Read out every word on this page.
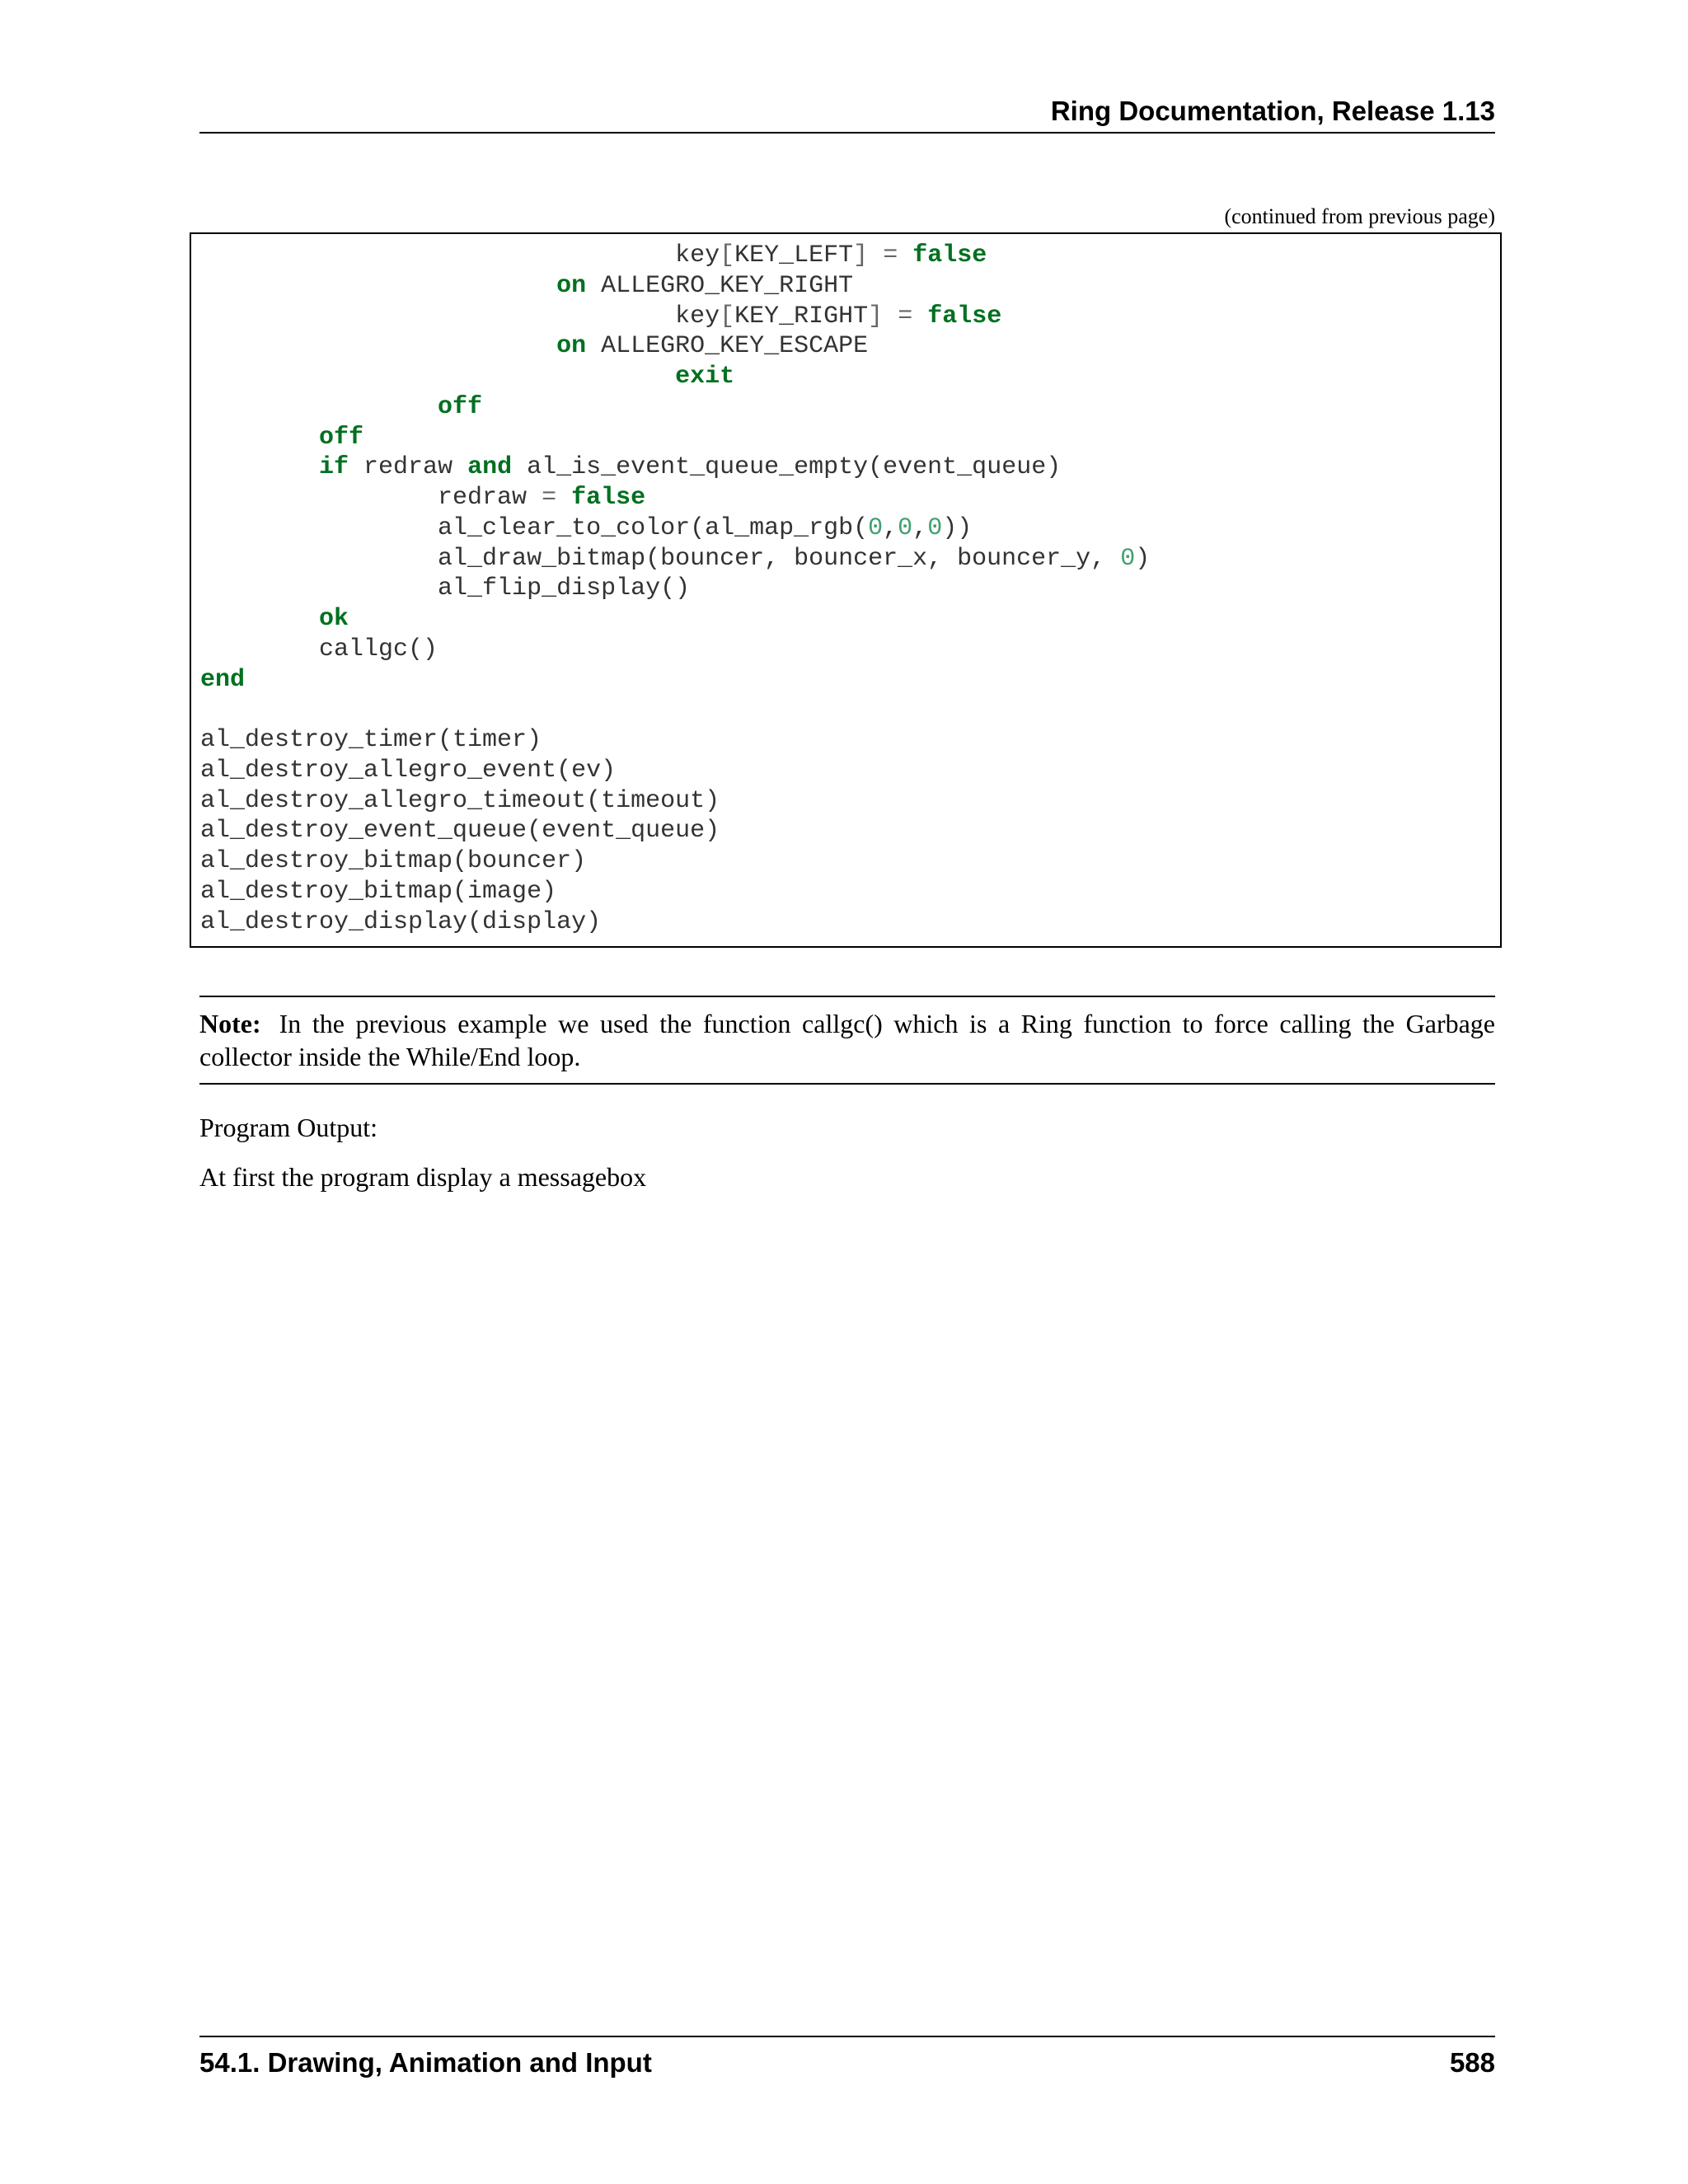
Ring Documentation, Release 1.13
(continued from previous page)
key[KEY_LEFT] = false
on ALLEGRO_KEY_RIGHT
key[KEY_RIGHT] = false
on ALLEGRO_KEY_ESCAPE
exit
off
off
if redraw and al_is_event_queue_empty(event_queue)
redraw = false
al_clear_to_color(al_map_rgb(0,0,0))
al_draw_bitmap(bouncer, bouncer_x, bouncer_y, 0)
al_flip_display()
ok
callgc()
end
al_destroy_timer(timer)
al_destroy_allegro_event(ev)
al_destroy_allegro_timeout(timeout)
al_destroy_event_queue(event_queue)
al_destroy_bitmap(bouncer)
al_destroy_bitmap(image)
al_destroy_display(display)
Note: In the previous example we used the function callgc() which is a Ring function to force calling the Garbage collector inside the While/End loop.
Program Output:
At first the program display a messagebox
54.1. Drawing, Animation and Input	588
